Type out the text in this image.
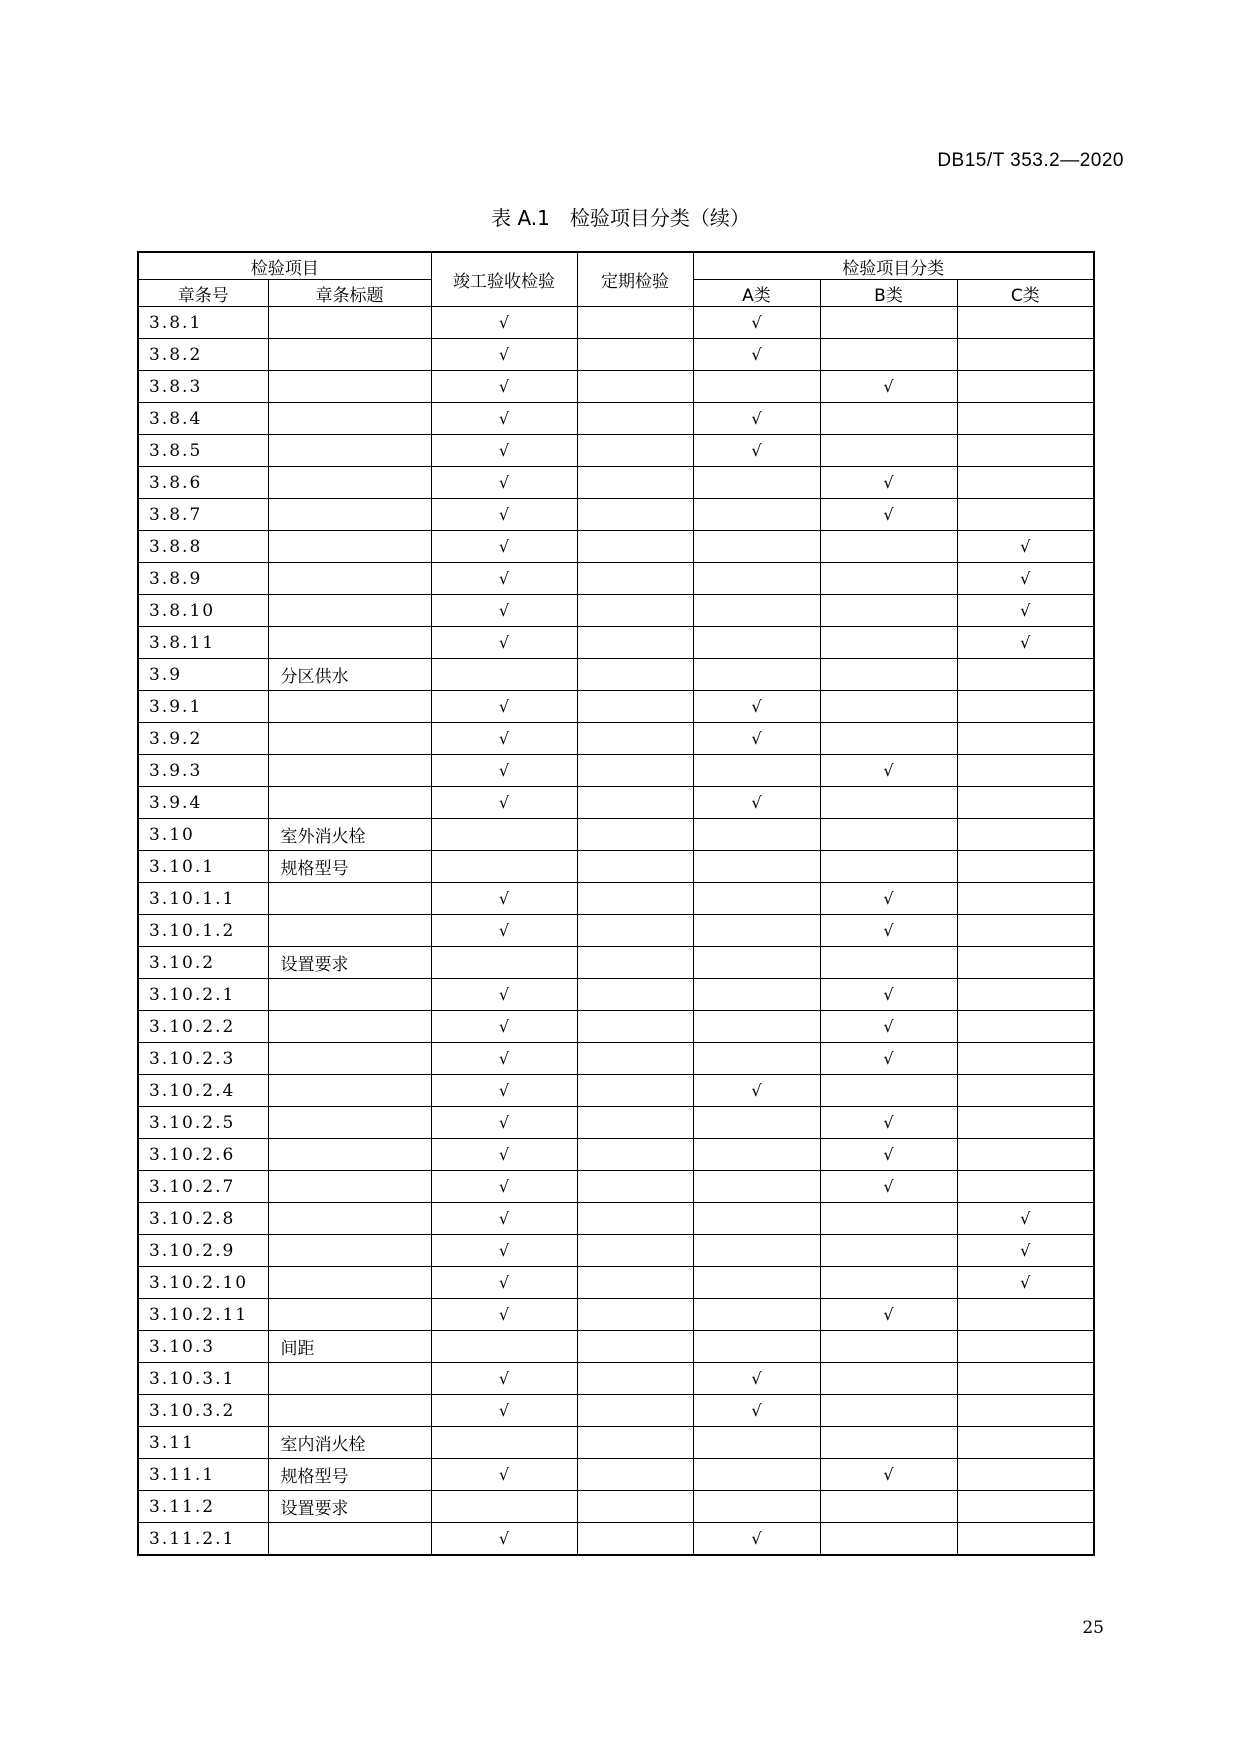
DB15/T 353.2—2020
表 A.1 检验项目分类（续）
检验项目		竣工验收检验	定期检验	检验项目分类		
章条号	章条标题			A类	B类	C类
3.8.1		√		√		
3.8.2		√		√		
3.8.3		√			√	
3.8.4		√		√		
3.8.5		√		√		
3.8.6		√			√	
3.8.7		√			√	
3.8.8		√				√
3.8.9		√				√
3.8.10		√				√
3.8.11		√				√
3.9	分区供水					
3.9.1		√		√		
3.9.2		√		√		
3.9.3		√			√	
3.9.4		√		√		
3.10	室外消火栓					
3.10.1	规格型号					
3.10.1.1		√			√	
3.10.1.2		√			√	
3.10.2	设置要求					
3.10.2.1		√			√	
3.10.2.2		√			√	
3.10.2.3		√			√	
3.10.2.4		√		√		
3.10.2.5		√			√	
3.10.2.6		√			√	
3.10.2.7		√			√	
3.10.2.8		√				√
3.10.2.9		√				√
3.10.2.10		√				√
3.10.2.11		√			√	
3.10.3	间距					
3.10.3.1		√		√		
3.10.3.2		√		√		
3.11	室内消火栓					
3.11.1	规格型号	√			√	
3.11.2	设置要求					
3.11.2.1		√		√		
25
